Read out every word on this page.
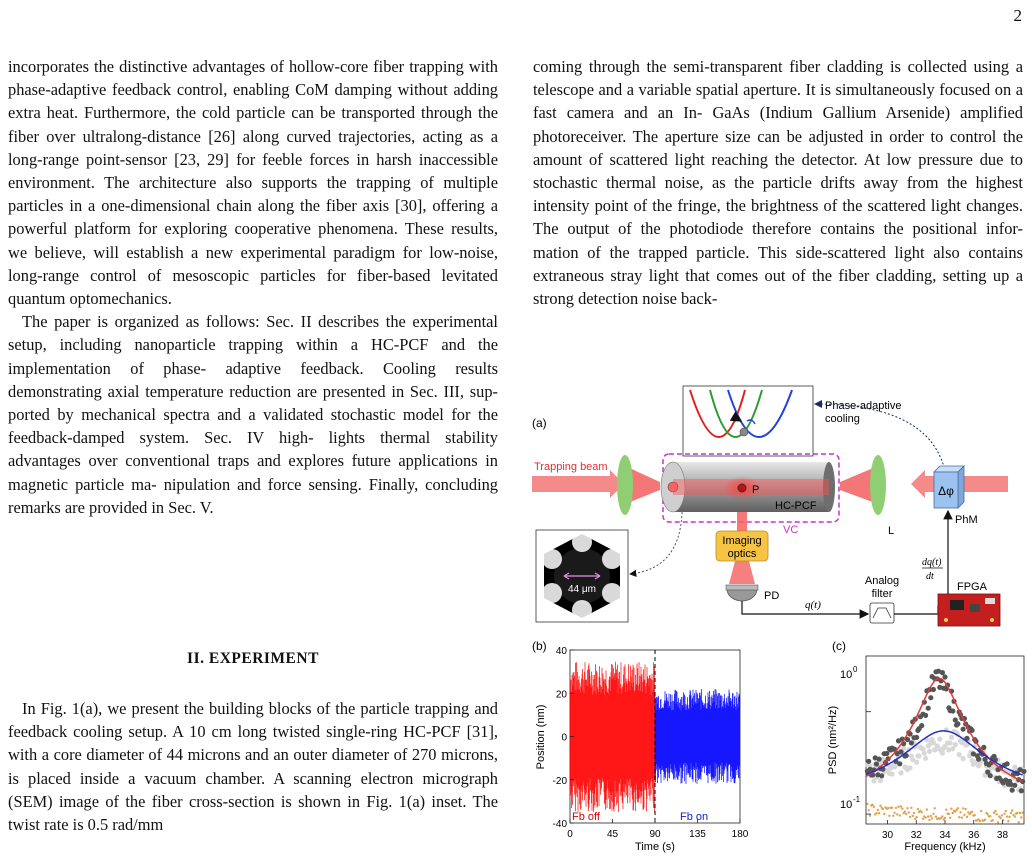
2

incorporates the distinctive advantages of hollow-core fiber trapping with phase-adaptive feedback control, enabling CoM damping without adding extra heat. Furthermore, the cold particle can be transported through the fiber over ultralong-distance [26] along curved trajectories, acting as a long-range point-sensor [23, 29] for feeble forces in harsh inaccessible environment. The architecture also supports the trapping of multiple particles in a one-dimensional chain along the fiber axis [30], offering a powerful platform for exploring cooperative phenomena. These results, we believe, will establish a new experimental paradigm for low-noise, long-range control of mesoscopic particles for fiber-based levitated quantum optomechanics.

The paper is organized as follows: Sec. II describes the experimental setup, including nanoparticle trapping within a HC-PCF and the implementation of phase- adaptive feedback. Cooling results demonstrating axial temperature reduction are presented in Sec. III, sup- ported by mechanical spectra and a validated stochastic model for the feedback-damped system. Sec. IV high- lights thermal stability advantages over conventional traps and explores future applications in magnetic particle ma- nipulation and force sensing. Finally, concluding remarks are provided in Sec. V.

II. EXPERIMENT

In Fig. 1(a), we present the building blocks of the particle trapping and feedback cooling setup. A 10 cm long twisted single-ring HC-PCF [31], with a core diameter of 44 microns and an outer diameter of 270 microns, is placed inside a vacuum chamber. A scanning electron micrograph (SEM) image of the fiber cross-section is shown in Fig. 1(a) inset. The twist rate is 0.5 rad/mm

coming through the semi-transparent fiber cladding is collected using a telescope and a variable spatial aperture. It is simultaneously focused on a fast camera and an In- GaAs (Indium Gallium Arsenide) amplified photoreceiver. The aperture size can be adjusted in order to control the amount of scattered light reaching the detector. At low pressure due to stochastic thermal noise, as the particle drifts away from the highest intensity point of the fringe, the brightness of the scattered light changes. The output of the photodiode therefore contains the positional infor- mation of the trapped particle. This side-scattered light also contains extraneous stray light that comes out of the fiber cladding, setting up a strong detection noise back-

(a)
Phase-adaptive
cooling
Trapping beam
L
VC
P
HC-PCF
Imaging
optics
PD
q(t)
Analog
filter
FPGA
dq(t)
dt
Δφ
PhM
44 μm
(b) 40
20
0
-20
-40
0	45	90	135	180
Fb off	Fb on
Position (nm)
Time (s)
(c)
30 32 34 36 38
10 0
10 -1
PSD (nm²/Hz)
Frequency (kHz)
